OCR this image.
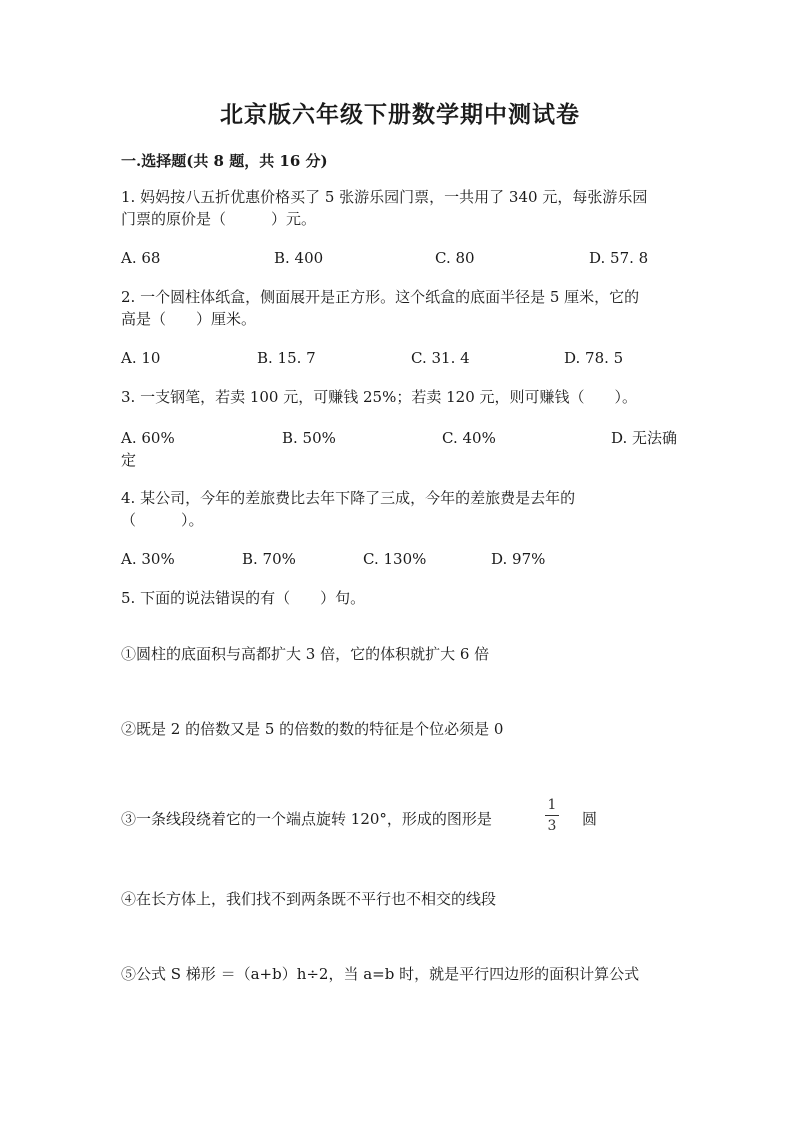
北京版六年级下册数学期中测试卷
一.选择题(共 8 题，共 16 分)
1. 妈妈按八五折优惠价格买了 5 张游乐园门票，一共用了 340 元，每张游乐园
门票的原价是（　　　）元。
A. 68	B. 400	C. 80	D. 57. 8
2. 一个圆柱体纸盒，侧面展开是正方形。这个纸盒的底面半径是 5 厘米，它的
高是（　　）厘米。
A. 10	B. 15. 7	C. 31. 4	D. 78. 5
3. 一支钢笔，若卖 100 元，可赚钱 25%；若卖 120 元，则可赚钱（　　）。
A. 60%	B. 50%	C. 40%	D. 无法确
定
4. 某公司，今年的差旅费比去年下降了三成，今年的差旅费是去年的
（　　　）。
A. 30%	B. 70%	C. 130%	D. 97%
5. 下面的说法错误的有（　　）句。
①圆柱的底面积与高都扩大 3 倍，它的体积就扩大 6 倍
②既是 2 的倍数又是 5 的倍数的数的特征是个位必须是 0
③一条线段绕着它的一个端点旋转 120°，形成的图形是
1
3 圆
④在长方体上，我们找不到两条既不平行也不相交的线段
⑤公式 S 梯形 ＝（a+b）h÷2，当 a=b 时，就是平行四边形的面积计算公式
